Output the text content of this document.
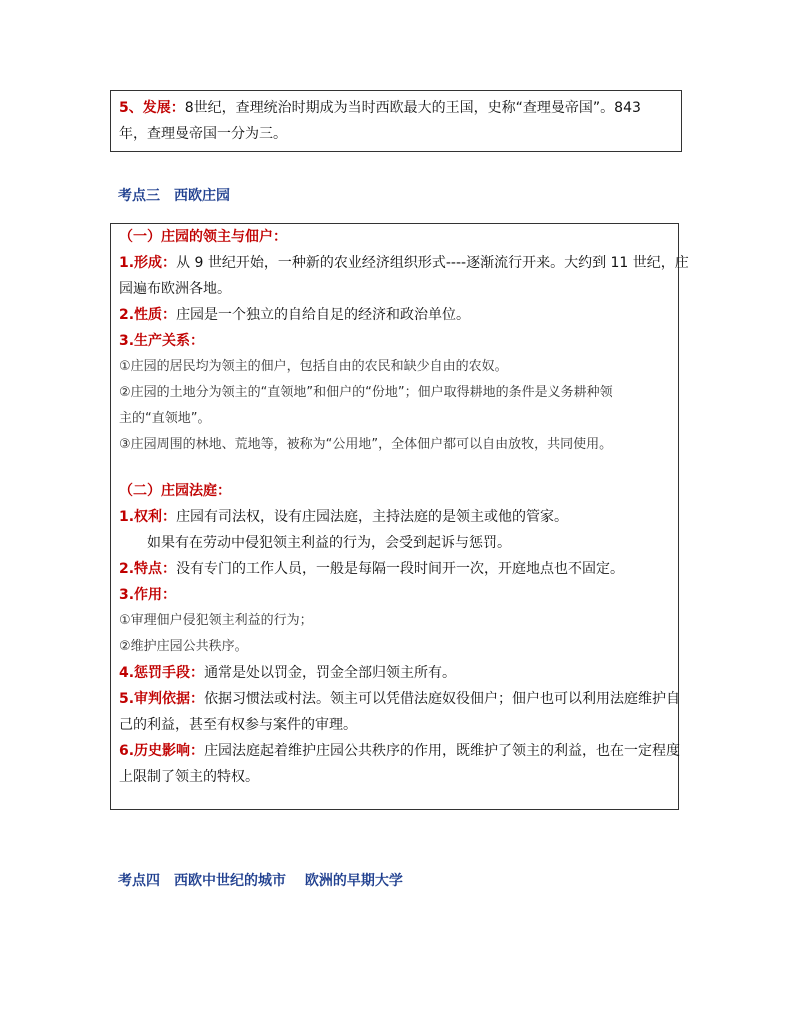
5、发展：8世纪，查理统治时期成为当时西欧最大的王国，史称“查理曼帝国”。843
年，查理曼帝国一分为三。
考点三　西欧庄园
（一）庄园的领主与佃户：
1.形成：从 9 世纪开始，一种新的农业经济组织形式----逐渐流行开来。大约到 11 世纪，庄
园遍布欧洲各地。
2.性质：庄园是一个独立的自给自足的经济和政治单位。
3.生产关系：
①庄园的居民均为领主的佃户，包括自由的农民和缺少自由的农奴。
②庄园的土地分为领主的“直领地”和佃户的“份地”；佃户取得耕地的条件是义务耕种领
主的“直领地”。
③庄园周围的林地、荒地等，被称为“公用地”，全体佃户都可以自由放牧，共同使用。
（二）庄园法庭：
1.权利：庄园有司法权，设有庄园法庭，主持法庭的是领主或他的管家。
如果有在劳动中侵犯领主利益的行为，会受到起诉与惩罚。
2.特点：没有专门的工作人员，一般是每隔一段时间开一次，开庭地点也不固定。
3.作用：
①审理佃户侵犯领主利益的行为；
②维护庄园公共秩序。
4.惩罚手段：通常是处以罚金，罚金全部归领主所有。
5.审判依据：依据习惯法或村法。领主可以凭借法庭奴役佃户；佃户也可以利用法庭维护自
己的利益，甚至有权参与案件的审理。
6.历史影响：庄园法庭起着维护庄园公共秩序的作用，既维护了领主的利益，也在一定程度
上限制了领主的特权。
考点四　西欧中世纪的城市　 欧洲的早期大学
